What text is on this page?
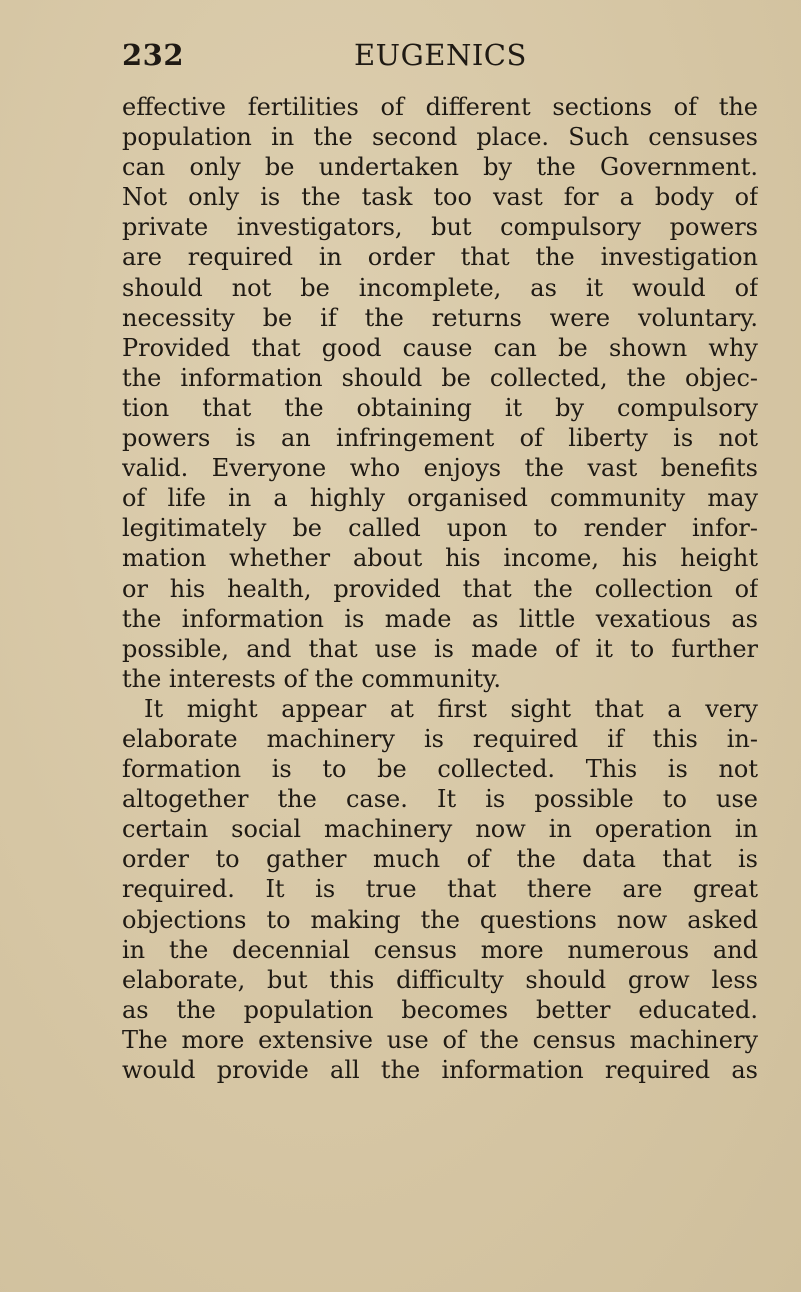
232	EUGENICS
effective fertilities of different sections of the
population in the second place. Such censuses
can only be undertaken by the Government.
Not only is the task too vast for a body of
private investigators, but compulsory powers
are required in order that the investigation
should not be incomplete, as it would of
necessity be if the returns were voluntary.
Provided that good cause can be shown why
the information should be collected, the objec-
tion that the obtaining it by compulsory
powers is an infringement of liberty is not
valid. Everyone who enjoys the vast benefits
of life in a highly organised community may
legitimately be called upon to render infor-
mation whether about his income, his height
or his health, provided that the collection of
the information is made as little vexatious as
possible, and that use is made of it to further
the interests of the community.
It might appear at first sight that a very
elaborate machinery is required if this in-
formation is to be collected. This is not
altogether the case. It is possible to use
certain social machinery now in operation in
order to gather much of the data that is
required. It is true that there are great
objections to making the questions now asked
in the decennial census more numerous and
elaborate, but this difficulty should grow less
as the population becomes better educated.
The more extensive use of the census machinery
would provide all the information required as
